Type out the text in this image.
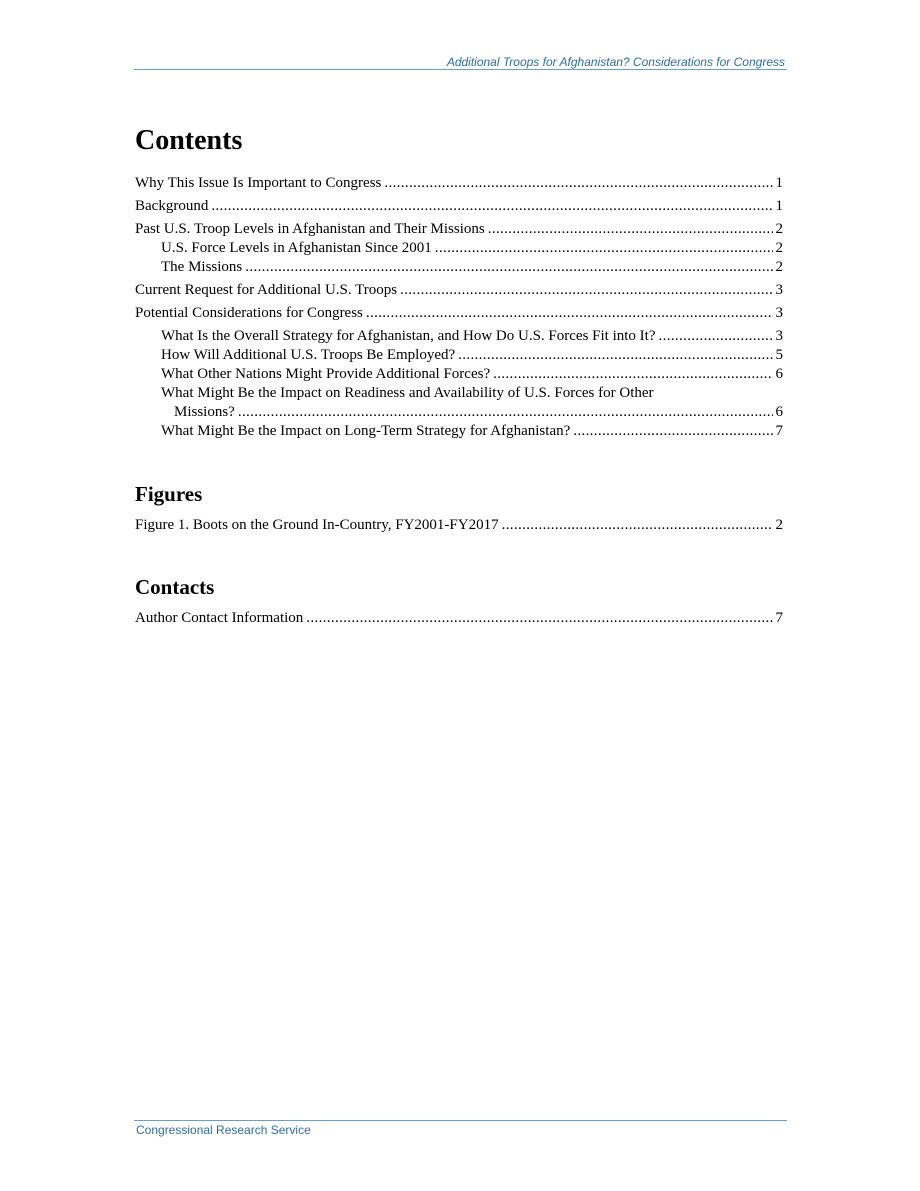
Additional Troops for Afghanistan? Considerations for Congress
Contents
Why This Issue Is Important to Congress . . .	1
Background . . .	1
Past U.S. Troop Levels in Afghanistan and Their Missions . . .	2
U.S. Force Levels in Afghanistan Since 2001 . . .	2
The Missions . . .	2
Current Request for Additional U.S. Troops . . .	3
Potential Considerations for Congress . . .	3
What Is the Overall Strategy for Afghanistan, and How Do U.S. Forces Fit into It? . . .	3
How Will Additional U.S. Troops Be Employed? . . .	5
What Other Nations Might Provide Additional Forces? . . .	6
What Might Be the Impact on Readiness and Availability of U.S. Forces for Other
Missions? . . .	6
What Might Be the Impact on Long-Term Strategy for Afghanistan? . . .	7
Figures
Figure 1. Boots on the Ground In-Country, FY2001-FY2017 . . .	2
Contacts
Author Contact Information . . .	7
Congressional Research Service
